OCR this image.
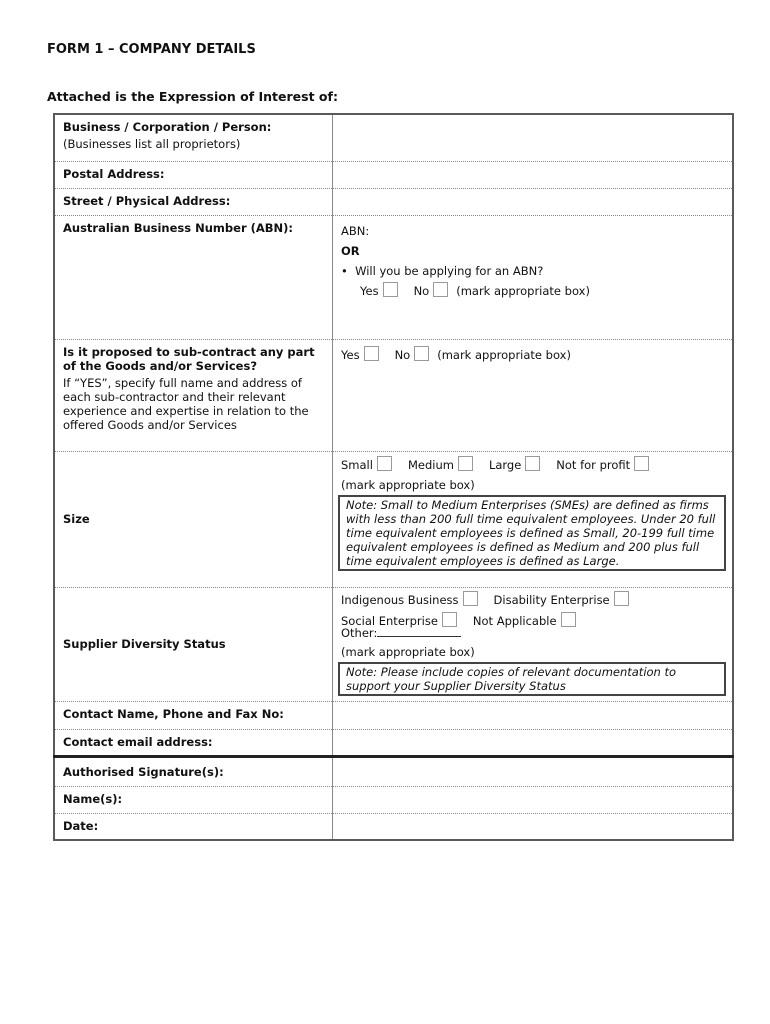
FORM 1 – COMPANY DETAILS
Attached is the Expression of Interest of:
Business / Corporation / Person:
(Businesses list all proprietors)	

Postal Address:	
Street / Physical Address:	
Australian Business Number (ABN):	ABN:
OR
•  Will you be applying for an ABN?
Yes No (mark appropriate box)

Is it proposed to sub-contract any part of the Goods and/or Services?
If “YES”, specify full name and address of each sub-contractor and their relevant experience and expertise in relation to the offered Goods and/or Services	Yes No (mark appropriate box)

Size	Small Medium Large Not for profit
(mark appropriate box)
Note: Small to Medium Enterprises (SMEs) are defined as firms with less than 200 full time equivalent employees. Under 20 full time equivalent employees is defined as Small, 20-199 full time equivalent employees is defined as Medium and 200 plus full time equivalent employees is defined as Large.

Supplier Diversity Status	Indigenous Business Disability Enterprise
Social Enterprise Not Applicable
Other:
(mark appropriate box)
Note: Please include copies of relevant documentation to support your Supplier Diversity Status

Contact Name, Phone and Fax No:	
Contact email address:	
Authorised Signature(s):	
Name(s):	
Date:	
